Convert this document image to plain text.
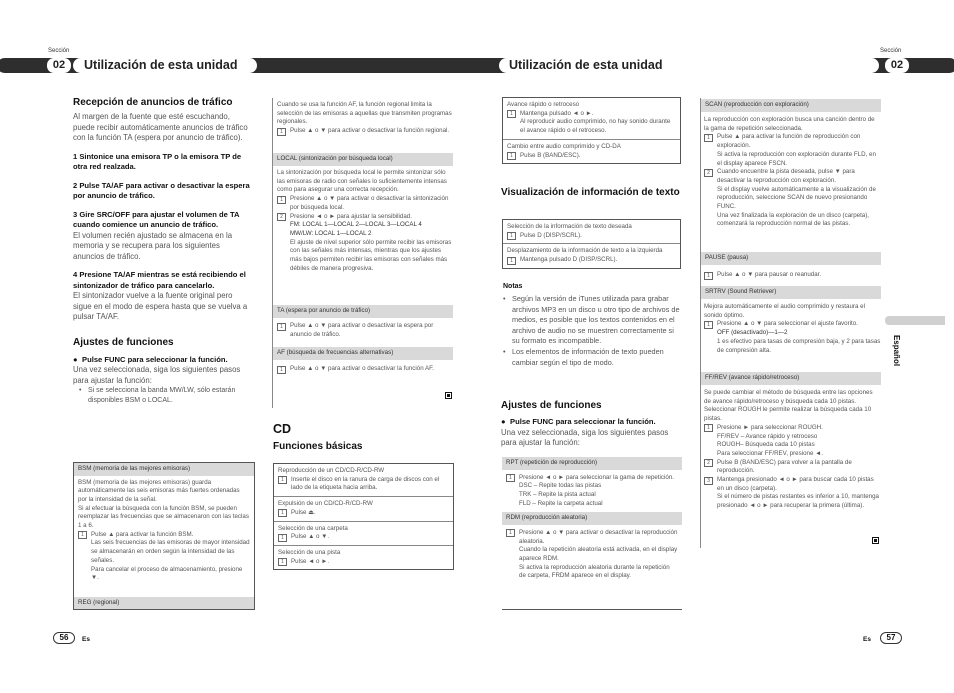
Sección	Sección
02	02
Utilización de esta unidad	Utilización de esta unidad
Recepción de anuncios de tráfico
Al margen de la fuente que esté escuchando, puede recibir automáticamente anuncios de tráfico con la función TA (espera por anuncio de tráfico).
1 Sintonice una emisora TP o la emisora TP de otra red realzada.
2 Pulse TA/AF para activar o desactivar la espera por anuncio de tráfico.
3 Gire SRC/OFF para ajustar el volumen de TA cuando comience un anuncio de tráfico.
El volumen recién ajustado se almacena en la memoria y se recupera para los siguientes anuncios de tráfico.
4 Presione TA/AF mientras se está recibiendo el sintonizador de tráfico para cancelarlo.
El sintonizador vuelve a la fuente original pero sigue en el modo de espera hasta que se vuelva a pulsar TA/AF.
Ajustes de funciones
● Pulse FUNC para seleccionar la función.
Una vez seleccionada, siga los siguientes pasos para ajustar la función:
• Si se selecciona la banda MW/LW, sólo estarán disponibles BSM o LOCAL.
BSM (memoria de las mejores emisoras)
BSM (memoria de las mejores emisoras) guarda automáticamente las seis emisoras más fuertes ordenadas por la intensidad de la señal.
Si al efectuar la búsqueda con la función BSM, se pueden reemplazar las frecuencias que se almacenaron con las teclas 1 a 6.
1	Pulse ▲ para activar la función BSM.
Las seis frecuencias de las emisoras de mayor intensidad se almacenarán en orden según la intensidad de las señales.
Para cancelar el proceso de almacenamiento, presione ▼.
REG (regional)
Cuando se usa la función AF, la función regional limita la selección de las emisoras a aquellas que transmiten programas regionales.
1	Pulse ▲ o ▼ para activar o desactivar la función regional.
LOCAL (sintonización por búsqueda local)
La sintonización por búsqueda local le permite sintonizar sólo las emisoras de radio con señales lo suficientemente intensas como para asegurar una correcta recepción.
1	Presione ▲ o ▼ para activar o desactivar la sintonización por búsqueda local.
2	Presione ◄ o ► para ajustar la sensibilidad.
FM: LOCAL 1—LOCAL 2—LOCAL 3—LOCAL 4
MW/LW: LOCAL 1—LOCAL 2
El ajuste de nivel superior sólo permite recibir las emisoras con las señales más intensas, mientras que los ajustes más bajos permiten recibir las emisoras con señales más débiles de manera progresiva.
TA (espera por anuncio de tráfico)
1	Pulse ▲ o ▼ para activar o desactivar la espera por anuncio de tráfico.
AF (búsqueda de frecuencias alternativas)
1	Pulse ▲ o ▼ para activar o desactivar la función AF.
CD
Funciones básicas
Reproducción de un CD/CD-R/CD-RW
1	Inserte el disco en la ranura de carga de discos con el lado de la etiqueta hacia arriba.
Expulsión de un CD/CD-R/CD-RW
1	Pulse ⏏.
Selección de una carpeta
1	Pulse ▲ o ▼.
Selección de una pista
1	Pulse ◄ o ►.
Avance rápido o retroceso
1	Mantenga pulsado ◄ o ►.
Al reproducir audio comprimido, no hay sonido durante el avance rápido o el retroceso.
Cambio entre audio comprimido y CD-DA
1	Pulse B (BAND/ESC).
Visualización de información de texto
Selección de la información de texto deseada
1	Pulse D (DISP/SCRL).
Desplazamiento de la información de texto a la izquierda
1	Mantenga pulsado D (DISP/SCRL).
Notas
• Según la versión de iTunes utilizada para grabar archivos MP3 en un disco u otro tipo de archivos de medios, es posible que los textos contenidos en el archivo de audio no se muestren correctamente si su formato es incompatible.
• Los elementos de información de texto pueden cambiar según el tipo de modo.
Ajustes de funciones
● Pulse FUNC para seleccionar la función.
Una vez seleccionada, siga los siguientes pasos para ajustar la función:
RPT (repetición de reproducción)
1	Presione ◄ o ► para seleccionar la gama de repetición.
DSC – Repite todas las pistas
TRK – Repite la pista actual
FLD – Repite la carpeta actual
RDM (reproducción aleatoria)
1	Presione ▲ o ▼ para activar o desactivar la reproducción aleatoria.
Cuando la repetición aleatoria está activada, en el display aparece RDM.
Si activa la reproducción aleatoria durante la repetición de carpeta, FRDM aparece en el display.
SCAN (reproducción con exploración)
La reproducción con exploración busca una canción dentro de la gama de repetición seleccionada.
1	Pulse ▲ para activar la función de reproducción con exploración.
Si activa la reproducción con exploración durante FLD, en el display aparece FSCN.
2	Cuando encuentre la pista deseada, pulse ▼ para desactivar la reproducción con exploración.
Si el display vuelve automáticamente a la visualización de reproducción, seleccione SCAN de nuevo presionando FUNC.
Una vez finalizada la exploración de un disco (carpeta), comenzará la reproducción normal de las pistas.
PAUSE (pausa)
1	Pulse ▲ o ▼ para pausar o reanudar.
SRTRV (Sound Retriever)
Mejora automáticamente el audio comprimido y restaura el sonido óptimo.
1	Presione ▲ o ▼ para seleccionar el ajuste favorito.
OFF (desactivado)—1—2
1 es efectivo para tasas de compresión baja, y 2 para tasas de compresión alta.
FF/REV (avance rápido/retroceso)
Se puede cambiar el método de búsqueda entre las opciones de avance rápido/retroceso y búsqueda cada 10 pistas. Seleccionar ROUGH le permite realizar la búsqueda cada 10 pistas.
1	Presione ► para seleccionar ROUGH.
FF/REV – Avance rápido y retroceso
ROUGH– Búsqueda cada 10 pistas
Para seleccionar FF/REV, presione ◄.
2	Pulse B (BAND/ESC) para volver a la pantalla de reproducción.
3	Mantenga presionado ◄ o ► para buscar cada 10 pistas en un disco (carpeta).
Si el número de pistas restantes es inferior a 10, mantenga presionado ◄ o ► para recuperar la primera (última).
Español
56	Es	Es	57
